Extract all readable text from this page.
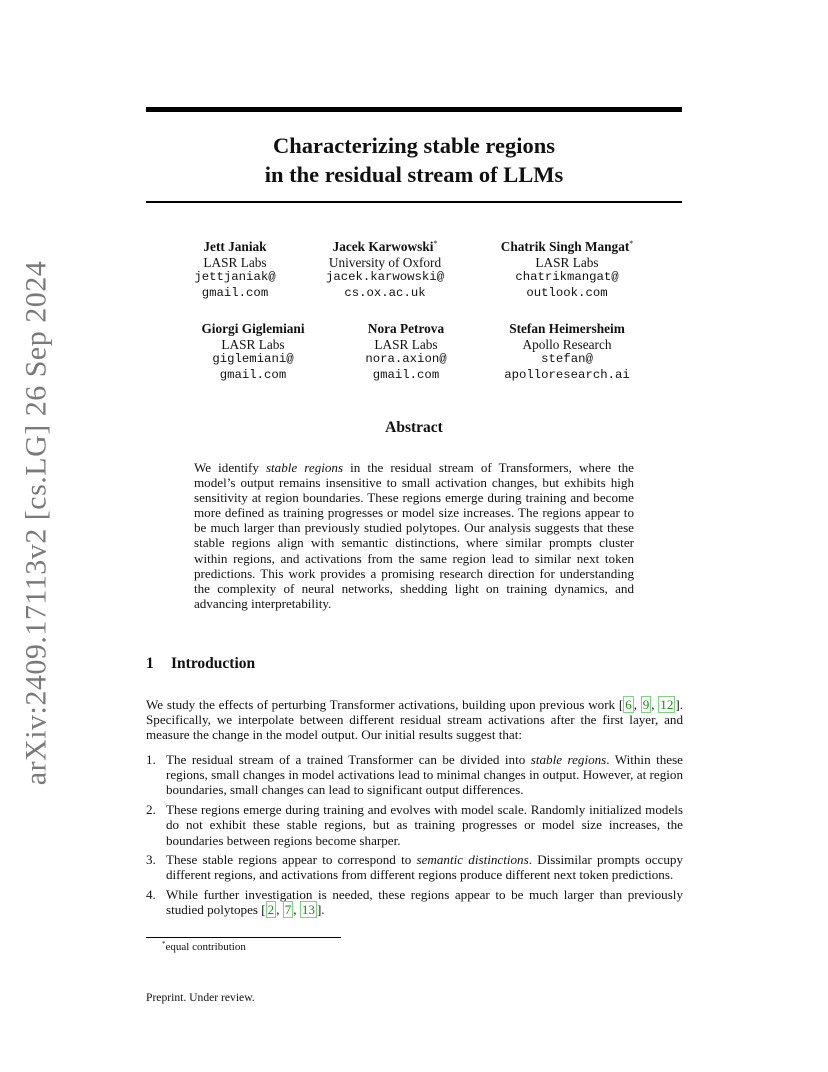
arXiv:2409.17113v2 [cs.LG] 26 Sep 2024
Characterizing stable regions
in the residual stream of LLMs
Jett Janiak
LASR Labs
jettjaniak@
gmail.com
Jacek Karwowski*
University of Oxford
jacek.karwowski@
cs.ox.ac.uk
Chatrik Singh Mangat*
LASR Labs
chatrikmangat@
outlook.com
Giorgi Giglemiani
LASR Labs
giglemiani@
gmail.com
Nora Petrova
LASR Labs
nora.axion@
gmail.com
Stefan Heimersheim
Apollo Research
stefan@
apolloresearch.ai
Abstract
We identify stable regions in the residual stream of Transformers, where the model’s output remains insensitive to small activation changes, but exhibits high sensitivity at region boundaries. These regions emerge during training and become more defined as training progresses or model size increases. The regions appear to be much larger than previously studied polytopes. Our analysis suggests that these stable regions align with semantic distinctions, where similar prompts cluster within regions, and activations from the same region lead to similar next token predictions. This work provides a promising research direction for understanding the complexity of neural networks, shedding light on training dynamics, and advancing interpretability.
1 Introduction
We study the effects of perturbing Transformer activations, building upon previous work [ 6 , 9 , 12 ]. Specifically, we interpolate between different residual stream activations after the first layer, and measure the change in the model output. Our initial results suggest that:
1. The residual stream of a trained Transformer can be divided into stable regions. Within these regions, small changes in model activations lead to minimal changes in output. However, at region boundaries, small changes can lead to significant output differences.
2. These regions emerge during training and evolves with model scale. Randomly initialized models do not exhibit these stable regions, but as training progresses or model size increases, the boundaries between regions become sharper.
3. These stable regions appear to correspond to semantic distinctions. Dissimilar prompts occupy different regions, and activations from different regions produce different next token predictions.
4. While further investigation is needed, these regions appear to be much larger than previously studied polytopes [ 2 , 7 , 13 ].
*equal contribution
Preprint. Under review.
